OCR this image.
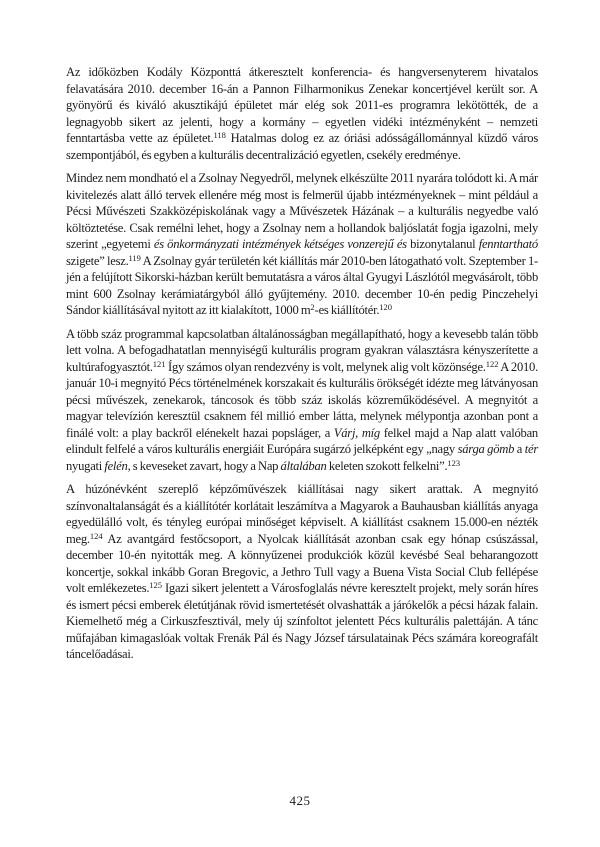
Az időközben Kodály Központtá átkeresztelt konferencia- és hangversenyterem hivatalos felavatására 2010. december 16-án a Pannon Filharmonikus Zenekar koncertjével került sor. A gyönyörű és kiváló akusztikájú épületet már elég sok 2011-es programra lekötötték, de a legnagyobb sikert az jelenti, hogy a kormány – egyetlen vidéki intézményként – nemzeti fenntartásba vette az épületet.$^{118}$ Hatalmas dolog ez az óriási adósságállománnyal küzdő város szempontjából, és egyben a kulturális decentralizáció egyetlen, csekély eredménye.

Mindez nem mondható el a Zsolnay Negyedről, melynek elkészülte 2011 nyarára tolódott ki. A már kivitelezés alatt álló tervek ellenére még most is felmerül újabb intézményeknek – mint például a Pécsi Művészeti Szakközépiskolának vagy a Művészetek Házának – a kulturális negyedbe való költöztetése. Csak remélni lehet, hogy a Zsolnay nem a hollandok baljóslatát fogja igazolni, mely szerint „egyetemi és önkormányzati intézmények kétséges vonzerejű és bizonytalanul fenntartható szigete” lesz.$^{119}$ A Zsolnay gyár területén két kiállítás már 2010-ben látogatható volt. Szeptember 1-jén a felújított Sikorski-házban került bemutatásra a város által Gyugyi Lászlótól megvásárolt, több mint 600 Zsolnay kerámiatárgyból álló gyűjtemény. 2010. december 10-én pedig Pinczehelyi Sándor kiállításával nyitott az itt kialakított, 1000 $m^2-es$ kiállítótér.$^{120}$

A több száz programmal kapcsolatban általánosságban megállapítható, hogy a kevesebb talán több lett volna. A befogadhatatlan mennyiségű kulturális program gyakran választásra kényszerítette a kultúrafogyasztót.$^{121}$ Így számos olyan rendezvény is volt, melynek alig volt közönsége.$^{122}$ A 2010. január 10-i megnyitó Pécs történelmének korszakait és kulturális örökségét idézte meg látványosan pécsi művészek, zenekarok, táncosok és több száz iskolás közreműködésével. A megnyitót a magyar televízión keresztül csaknem fél millió ember látta, melynek mélypontja azonban pont a finálé volt: a play backről elénekelt hazai popsláger, a Várj, míg felkel majd a Nap alatt valóban elindult felfelé a város kulturális energiáit Európára sugárzó jelképként egy „nagy sárga gömb a tér nyugati felén, s keveseket zavart, hogy a Nap általában keleten szokott felkelni”.$^{123}$

A húzónévként szereplő képzőművészek kiállításai nagy sikert arattak. A megnyitó színvonaltalanságát és a kiállítótér korlátait leszámítva a Magyarok a Bauhausban kiállítás anyaga egyedülálló volt, és tényleg európai minőséget képviselt. A kiállítást csaknem 15.000-en nézték meg.$^{124}$ Az avantgárd festőcsoport, a Nyolcak kiállítását azonban csak egy hónap csúszással, december 10-én nyitották meg. A könnyűzenei produkciók közül kevésbé Seal beharangozott koncertje, sokkal inkább Goran Bregovic, a Jethro Tull vagy a Buena Vista Social Club fellépése volt emlékezetes.$^{125}$ Igazi sikert jelentett a Városfoglalás névre keresztelt projekt, mely során híres és ismert pécsi emberek életútjának rövid ismertetését olvashatták a járókelők a pécsi házak falain. Kiemelhető még a Cirkuszfesztivál, mely új színfoltot jelentett Pécs kulturális palettáján. A tánc műfajában kimagaslóak voltak Frenák Pál és Nagy József társulatainak Pécs számára koreografált táncelőadásai.

425
